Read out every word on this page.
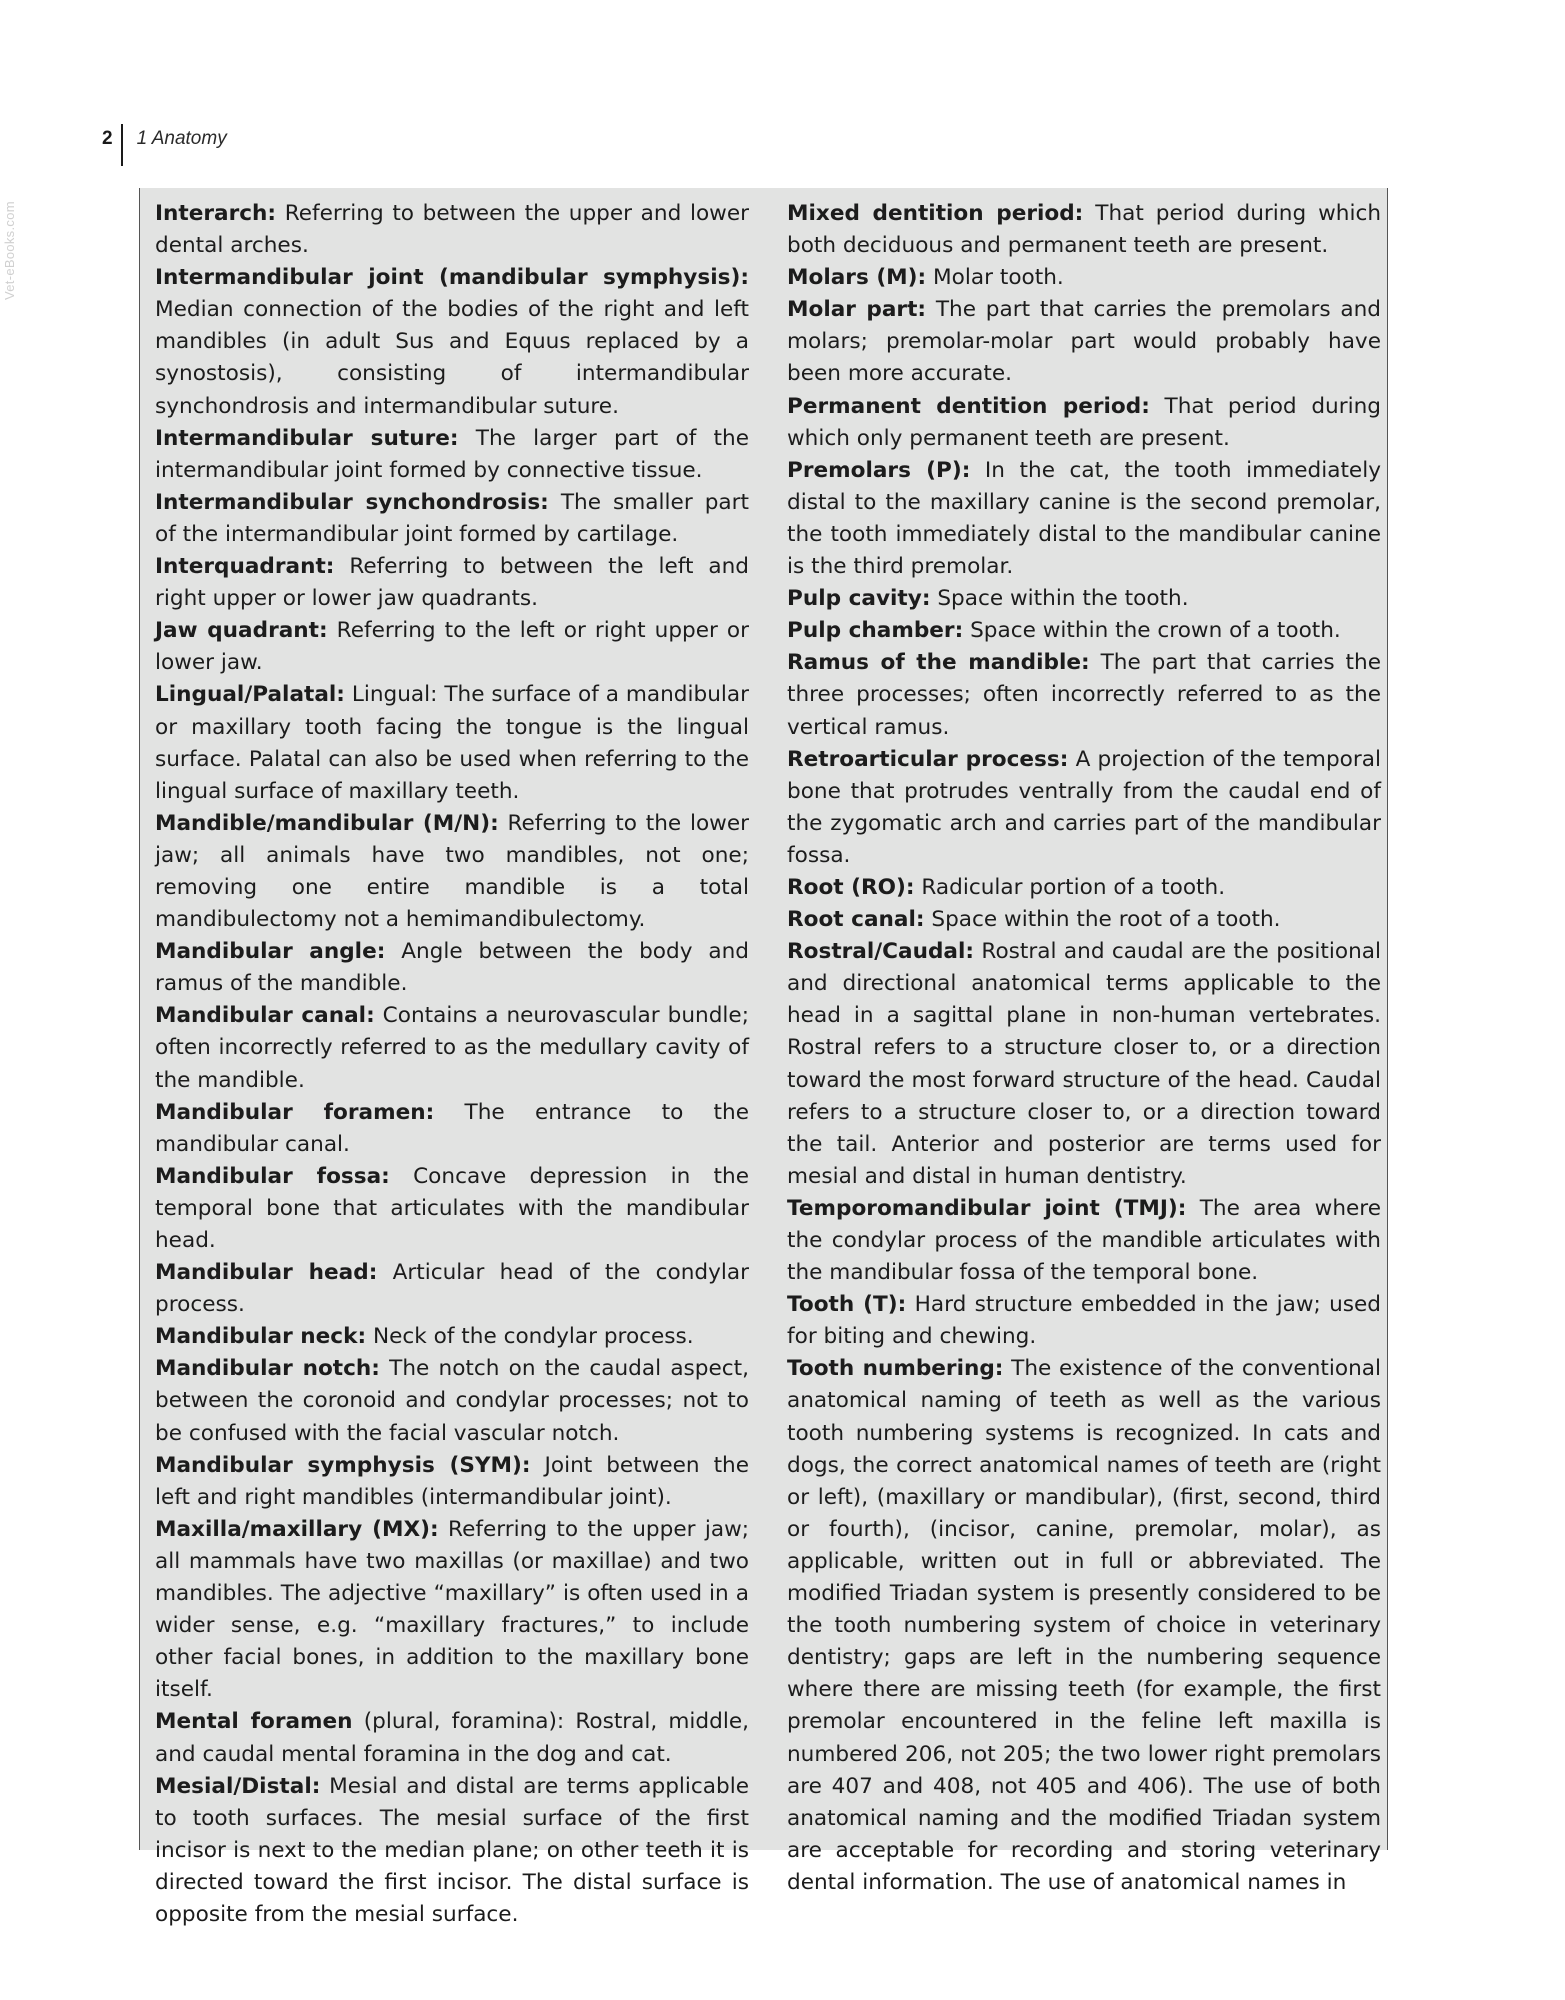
Vet-eBooks.com
2 1 Anatomy

Interarch: Referring to between the upper and lower dental arches.

Intermandibular joint (mandibular symphysis): Median connection of the bodies of the right and left mandibles (in adult Sus and Equus replaced by a synostosis), consisting of intermandibular synchondrosis and intermandibular suture.

Intermandibular suture: The larger part of the intermandibular joint formed by connective tissue.

Intermandibular synchondrosis: The smaller part of the intermandibular joint formed by cartilage.

Interquadrant: Referring to between the left and right upper or lower jaw quadrants.

Jaw quadrant: Referring to the left or right upper or lower jaw.

Lingual/Palatal: Lingual: The surface of a mandibular or maxillary tooth facing the tongue is the lingual surface. Palatal can also be used when referring to the lingual surface of maxillary teeth.

Mandible/mandibular (M/N): Referring to the lower jaw; all animals have two mandibles, not one; removing one entire mandible is a total mandibulectomy not a hemimandibulectomy.

Mandibular angle: Angle between the body and ramus of the mandible.

Mandibular canal: Contains a neurovascular bundle; often incorrectly referred to as the medullary cavity of the mandible.

Mandibular foramen: The entrance to the mandibular canal.

Mandibular fossa: Concave depression in the temporal bone that articulates with the mandibular head.

Mandibular head: Articular head of the condylar process.

Mandibular neck: Neck of the condylar process.

Mandibular notch: The notch on the caudal aspect, between the coronoid and condylar processes; not to be confused with the facial vascular notch.

Mandibular symphysis (SYM): Joint between the left and right mandibles (intermandibular joint).

Maxilla/maxillary (MX): Referring to the upper jaw; all mammals have two maxillas (or maxillae) and two mandibles. The adjective “maxillary” is often used in a wider sense, e.g. “maxillary fractures,” to include other facial bones, in addition to the maxillary bone itself.

Mental foramen (plural, foramina): Rostral, middle, and caudal mental foramina in the dog and cat.

Mesial/Distal: Mesial and distal are terms applicable to tooth surfaces. The mesial surface of the first incisor is next to the median plane; on other teeth it is directed toward the first incisor. The distal surface is opposite from the mesial surface.

Mixed dentition period: That period during which both deciduous and permanent teeth are present.

Molars (M): Molar tooth.

Molar part: The part that carries the premolars and molars; premolar-molar part would probably have been more accurate.

Permanent dentition period: That period during which only permanent teeth are present.

Premolars (P): In the cat, the tooth immediately distal to the maxillary canine is the second premolar, the tooth immediately distal to the mandibular canine is the third premolar.

Pulp cavity: Space within the tooth.

Pulp chamber: Space within the crown of a tooth.

Ramus of the mandible: The part that carries the three processes; often incorrectly referred to as the vertical ramus.

Retroarticular process: A projection of the temporal bone that protrudes ventrally from the caudal end of the zygomatic arch and carries part of the mandibular fossa.

Root (RO): Radicular portion of a tooth.

Root canal: Space within the root of a tooth.

Rostral/Caudal: Rostral and caudal are the positional and directional anatomical terms applicable to the head in a sagittal plane in non-human vertebrates. Rostral refers to a structure closer to, or a direction toward the most forward structure of the head. Caudal refers to a structure closer to, or a direction toward the tail. Anterior and posterior are terms used for mesial and distal in human dentistry.

Temporomandibular joint (TMJ): The area where the condylar process of the mandible articulates with the mandibular fossa of the temporal bone.

Tooth (T): Hard structure embedded in the jaw; used for biting and chewing.

Tooth numbering: The existence of the conventional anatomical naming of teeth as well as the various tooth numbering systems is recognized. In cats and dogs, the correct anatomical names of teeth are (right or left), (maxillary or mandibular), (first, second, third or fourth), (incisor, canine, premolar, molar), as applicable, written out in full or abbreviated. The modified Triadan system is presently considered to be the tooth numbering system of choice in veterinary dentistry; gaps are left in the numbering sequence where there are missing teeth (for example, the first premolar encountered in the feline left maxilla is numbered 206, not 205; the two lower right premolars are 407 and 408, not 405 and 406). The use of both anatomical naming and the modified Triadan system are acceptable for recording and storing veterinary dental information. The use of anatomical names in
